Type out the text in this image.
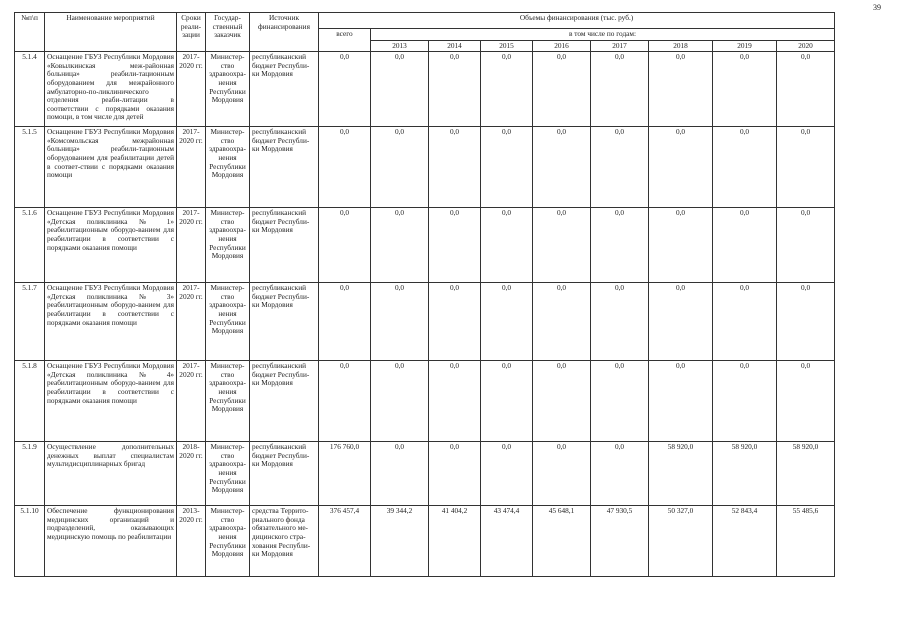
39
№п\п	Наименование мероприятий	Сроки реали-зации	Государ-ственный заказчик	Источник финансирования	Объемы финансирования (тыс. руб.)								
					всего	в том числе по годам:							
						2013	2014	2015	2016	2017	2018	2019	2020
5.1.4	Оснащение ГБУЗ Республики Мордовия «Ковылкинская меж-районная больница» реабили-тационным оборудованием для межрайонного амбулаторно-по-ликлинического отделения реаби-литации в соответствии с порядками оказания помощи, в том числе для детей	2017-2020 гг.	Министер-ство здравоохра-нения Республики Мордовия	республиканский бюджет Республи-ки Мордовия	0,0	0,0	0,0	0,0	0,0	0,0	0,0	0,0	0,0
5.1.5	Оснащение ГБУЗ Республики Мордовия «Комсомольская межрайонная больница» реабили-тационным оборудованием для реабилитации детей в соответ-ствии с порядками оказания помощи	2017-2020 гг.	Министер-ство здравоохра-нения Республики Мордовия	республиканский бюджет Республи-ки Мордовия	0,0	0,0	0,0	0,0	0,0	0,0	0,0	0,0	0,0
5.1.6	Оснащение ГБУЗ Республики Мордовия «Детская поликлиника № 1» реабилитационным оборудо-ванием для реабилитации в соответствии с порядками оказания помощи	2017-2020 гг.	Министер-ство здравоохра-нения Республики Мордовия	республиканский бюджет Республи-ки Мордовия	0,0	0,0	0,0	0,0	0,0	0,0	0,0	0,0	0,0
5.1.7	Оснащение ГБУЗ Республики Мордовия «Детская поликлиника № 3» реабилитационным оборудо-ванием для реабилитации в соответствии с порядками оказания помощи	2017-2020 гг.	Министер-ство здравоохра-нения Республики Мордовия	республиканский бюджет Республи-ки Мордовия	0,0	0,0	0,0	0,0	0,0	0,0	0,0	0,0	0,0
5.1.8	Оснащение ГБУЗ Республики Мордовия «Детская поликлиника № 4» реабилитационным оборудо-ванием для реабилитации в соответствии с порядками оказания помощи	2017-2020 гг.	Министер-ство здравоохра-нения Республики Мордовия	республиканский бюджет Республи-ки Мордовия	0,0	0,0	0,0	0,0	0,0	0,0	0,0	0,0	0,0
5.1.9	Осуществление дополнительных денежных выплат специалистам мультидисциплинарных бригад	2018-2020 гг.	Министер-ство здравоохра-нения Республики Мордовия	республиканский бюджет Республи-ки Мордовия	176 760,0	0,0	0,0	0,0	0,0	0,0	58 920,0	58 920,0	58 920,0
5.1.10	Обеспечение функционирования медицинских организаций и подразделений, оказывающих медицинскую помощь по реабилитации	2013-2020 гг.	Министер-ство здравоохра-нения Республики Мордовия	средства Террито-риального фонда обязательного ме-дицинского стра-хования Республи-ки Мордовия	376 457,4	39 344,2	41 404,2	43 474,4	45 648,1	47 930,5	50 327,0	52 843,4	55 485,6
